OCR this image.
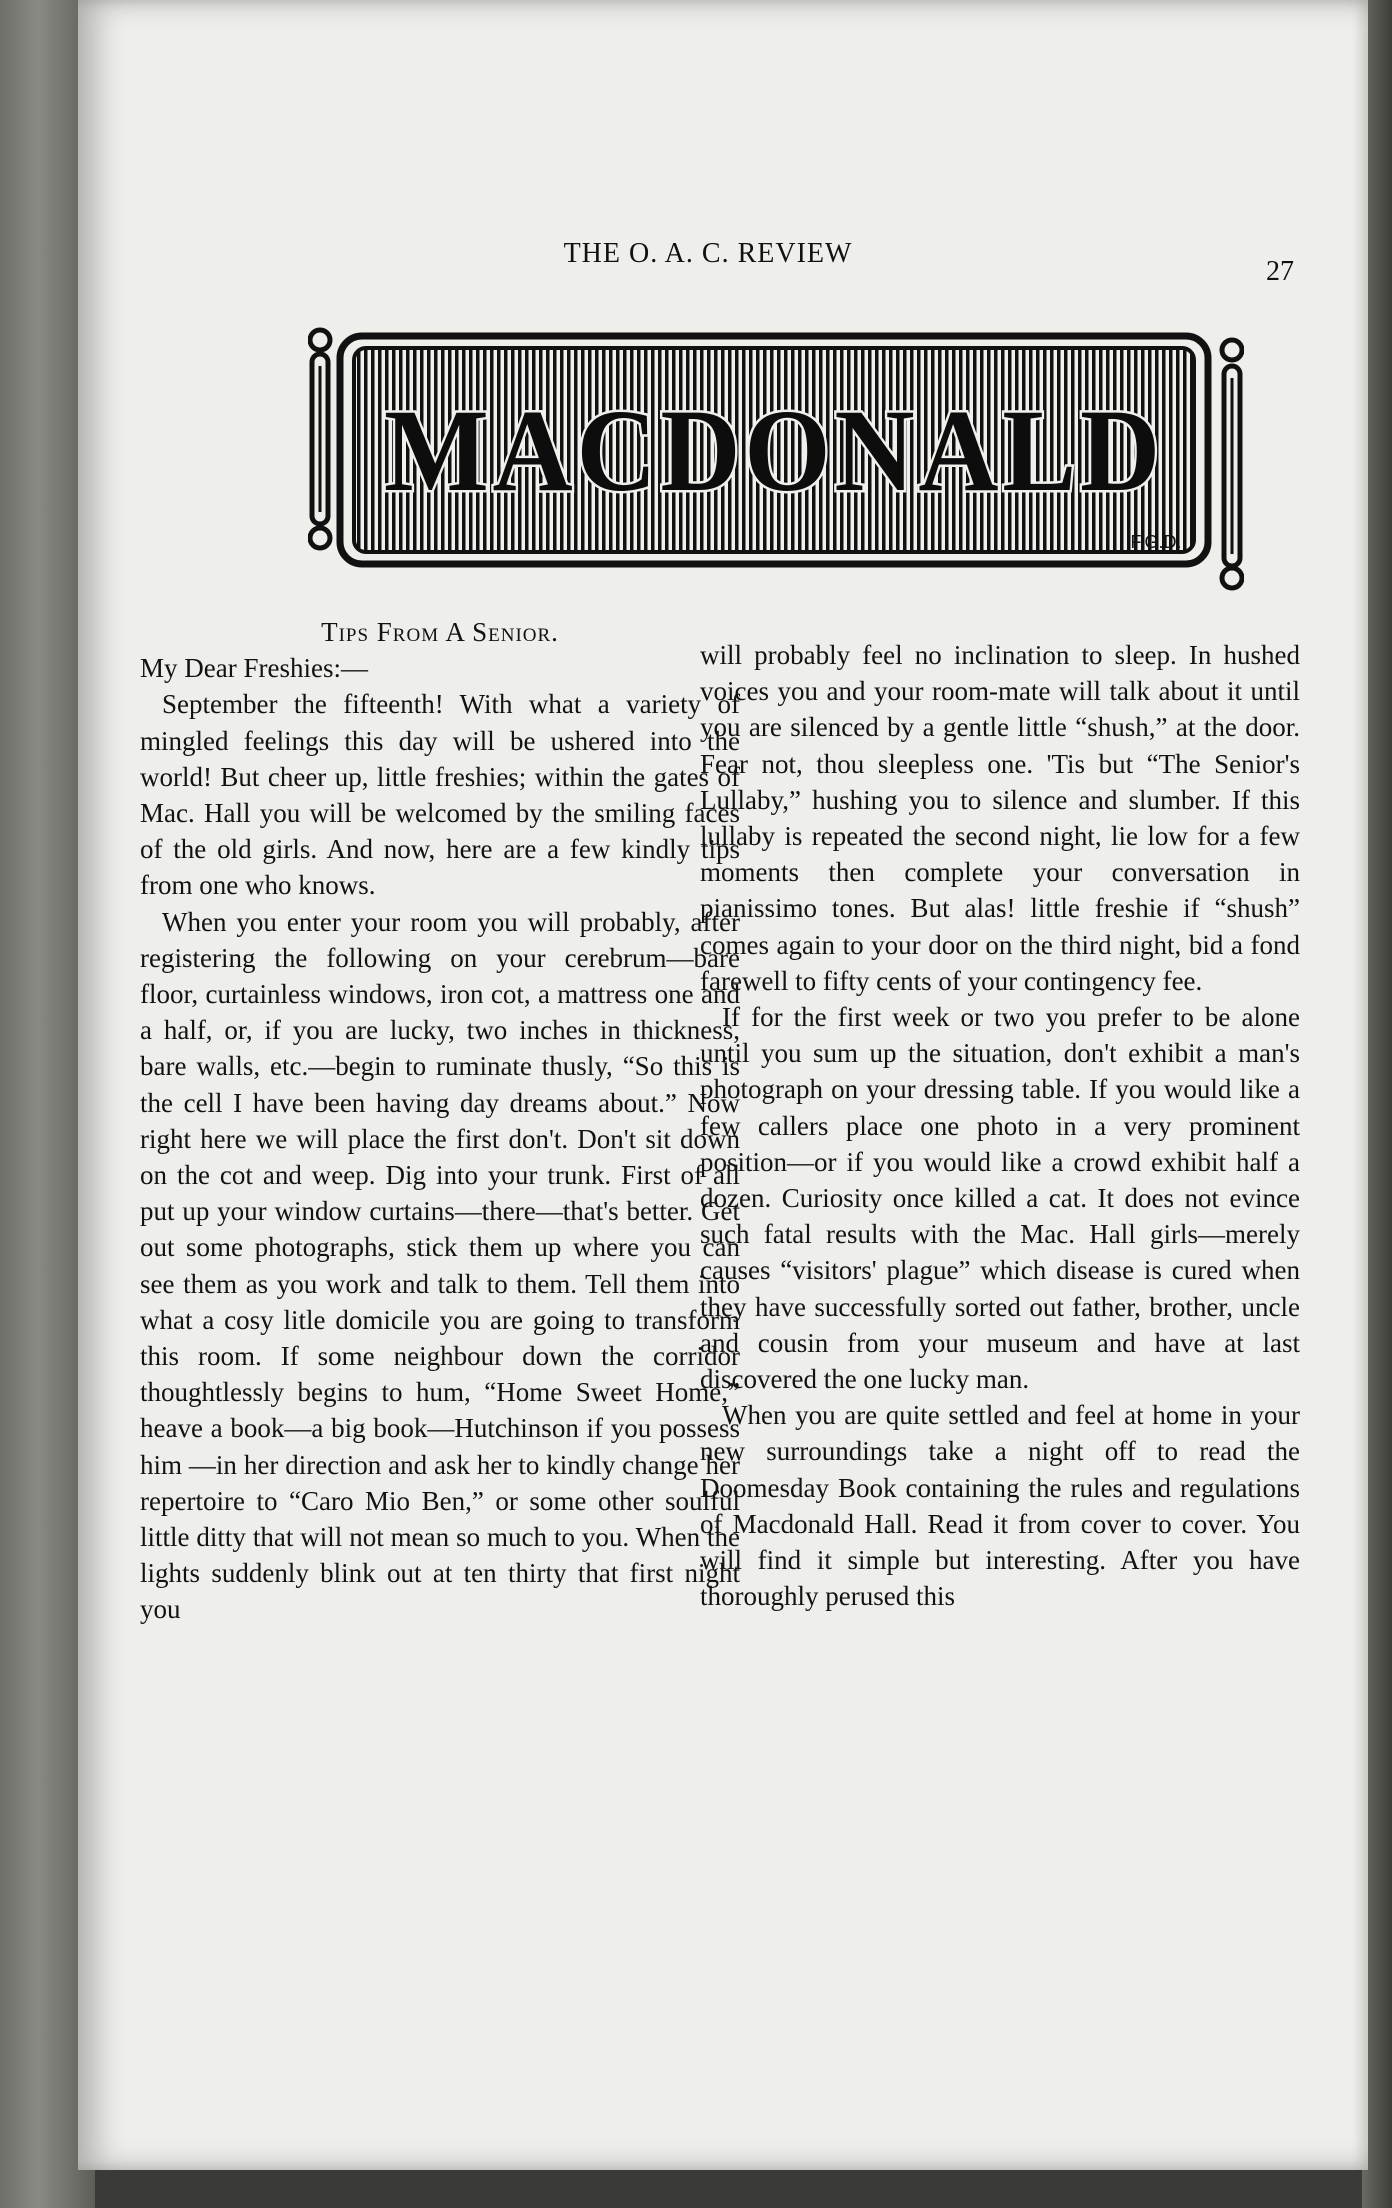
THE O. A. C. REVIEW
27
MACDONALD
F.G.D.

Tips From A Senior.

My Dear Freshies:—

September the fifteenth! With what a variety of mingled feelings this day will be ushered into the world! But cheer up, little freshies; within the gates of Mac. Hall you will be welcomed by the smiling faces of the old girls. And now, here are a few kindly tips from one who knows.

When you enter your room you will probably, after registering the following on your cerebrum—bare floor, curtainless windows, iron cot, a mattress one and a half, or, if you are lucky, two inches in thickness, bare walls, etc.—begin to ruminate thusly, “So this is the cell I have been having day dreams about.” Now right here we will place the first don't. Don't sit down on the cot and weep. Dig into your trunk. First of all put up your window curtains—there—that's better. Get out some photographs, stick them up where you can see them as you work and talk to them. Tell them into what a cosy litle domicile you are going to transform this room. If some neighbour down the corridor thoughtlessly begins to hum, “Home Sweet Home,” heave a book—a big book—Hutchinson if you possess him —in her direction and ask her to kindly change her repertoire to “Caro Mio Ben,” or some other soulful little ditty that will not mean so much to you. When the lights suddenly blink out at ten thirty that first night you

will probably feel no inclination to sleep. In hushed voices you and your room-mate will talk about it until you are silenced by a gentle little “shush,” at the door. Fear not, thou sleepless one. 'Tis but “The Senior's Lullaby,” hushing you to silence and slumber. If this lullaby is repeated the second night, lie low for a few moments then complete your conversation in pianissimo tones. But alas! little freshie if “shush” comes again to your door on the third night, bid a fond farewell to fifty cents of your contingency fee.

If for the first week or two you prefer to be alone until you sum up the situation, don't exhibit a man's photograph on your dressing table. If you would like a few callers place one photo in a very prominent position—or if you would like a crowd exhibit half a dozen. Curiosity once killed a cat. It does not evince such fatal results with the Mac. Hall girls—merely causes “visitors' plague” which disease is cured when they have successfully sorted out father, brother, uncle and cousin from your museum and have at last discovered the one lucky man.

When you are quite settled and feel at home in your new surroundings take a night off to read the Doomesday Book containing the rules and regulations of Macdonald Hall. Read it from cover to cover. You will find it simple but interesting. After you have thoroughly perused this
